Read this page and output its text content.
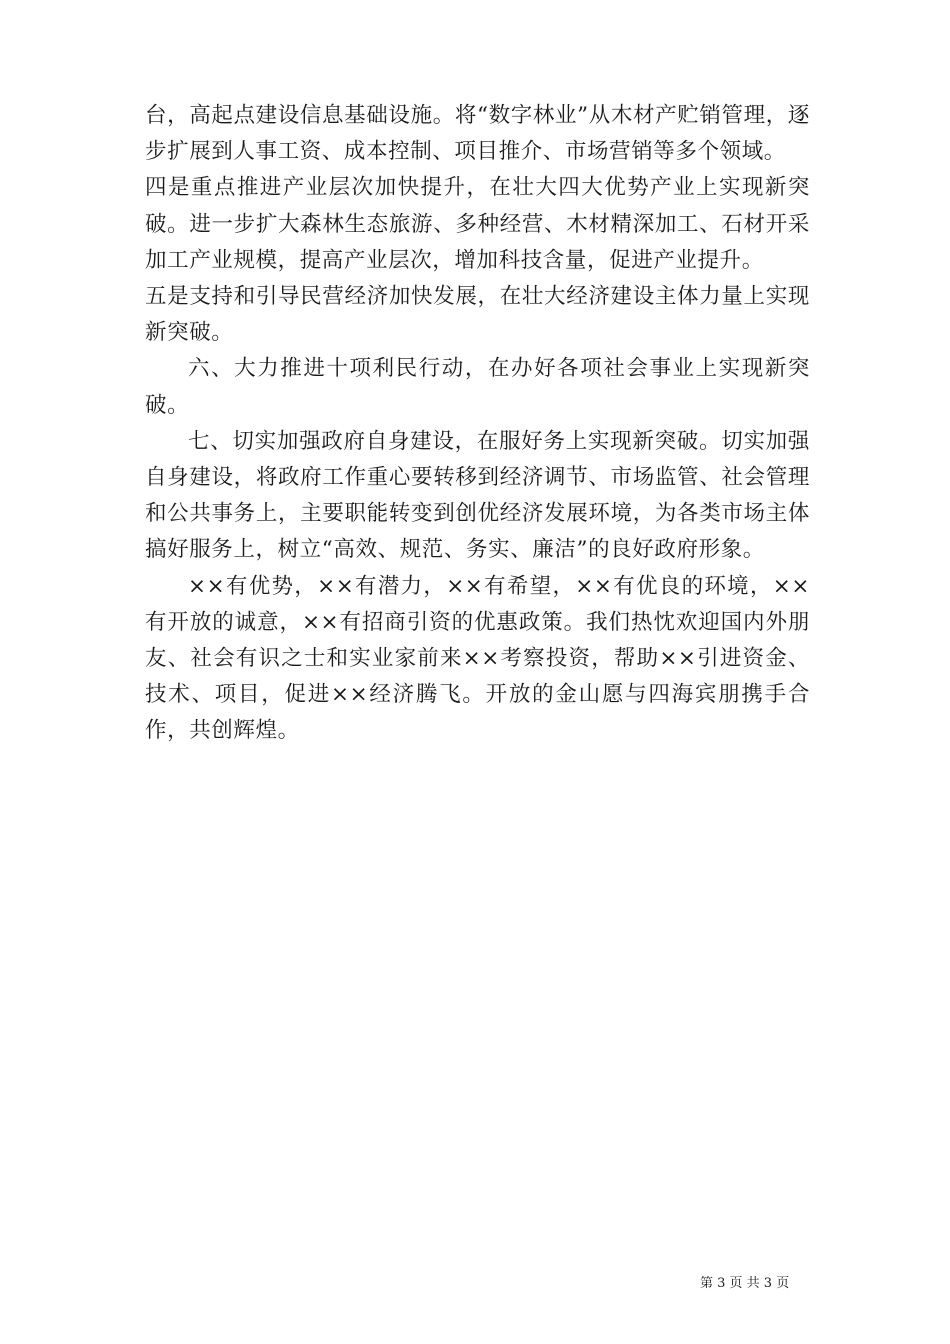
台，高起点建设信息基础设施。将“数字林业”从木材产贮销管理，逐步扩展到人事工资、成本控制、项目推介、市场营销等多个领域。

四是重点推进产业层次加快提升，在壮大四大优势产业上实现新突破。进一步扩大森林生态旅游、多种经营、木材精深加工、石材开采加工产业规模，提高产业层次，增加科技含量，促进产业提升。

五是支持和引导民营经济加快发展，在壮大经济建设主体力量上实现新突破。

六、大力推进十项利民行动，在办好各项社会事业上实现新突破。

七、切实加强政府自身建设，在服好务上实现新突破。切实加强自身建设，将政府工作重心要转移到经济调节、市场监管、社会管理和公共事务上，主要职能转变到创优经济发展环境，为各类市场主体搞好服务上，树立“高效、规范、务实、廉洁”的良好政府形象。

××有优势，××有潜力，××有希望，××有优良的环境，××有开放的诚意，××有招商引资的优惠政策。我们热忱欢迎国内外朋友、社会有识之士和实业家前来××考察投资，帮助××引进资金、技术、项目，促进××经济腾飞。开放的金山愿与四海宾朋携手合作，共创辉煌。

第 3 页 共 3 页
